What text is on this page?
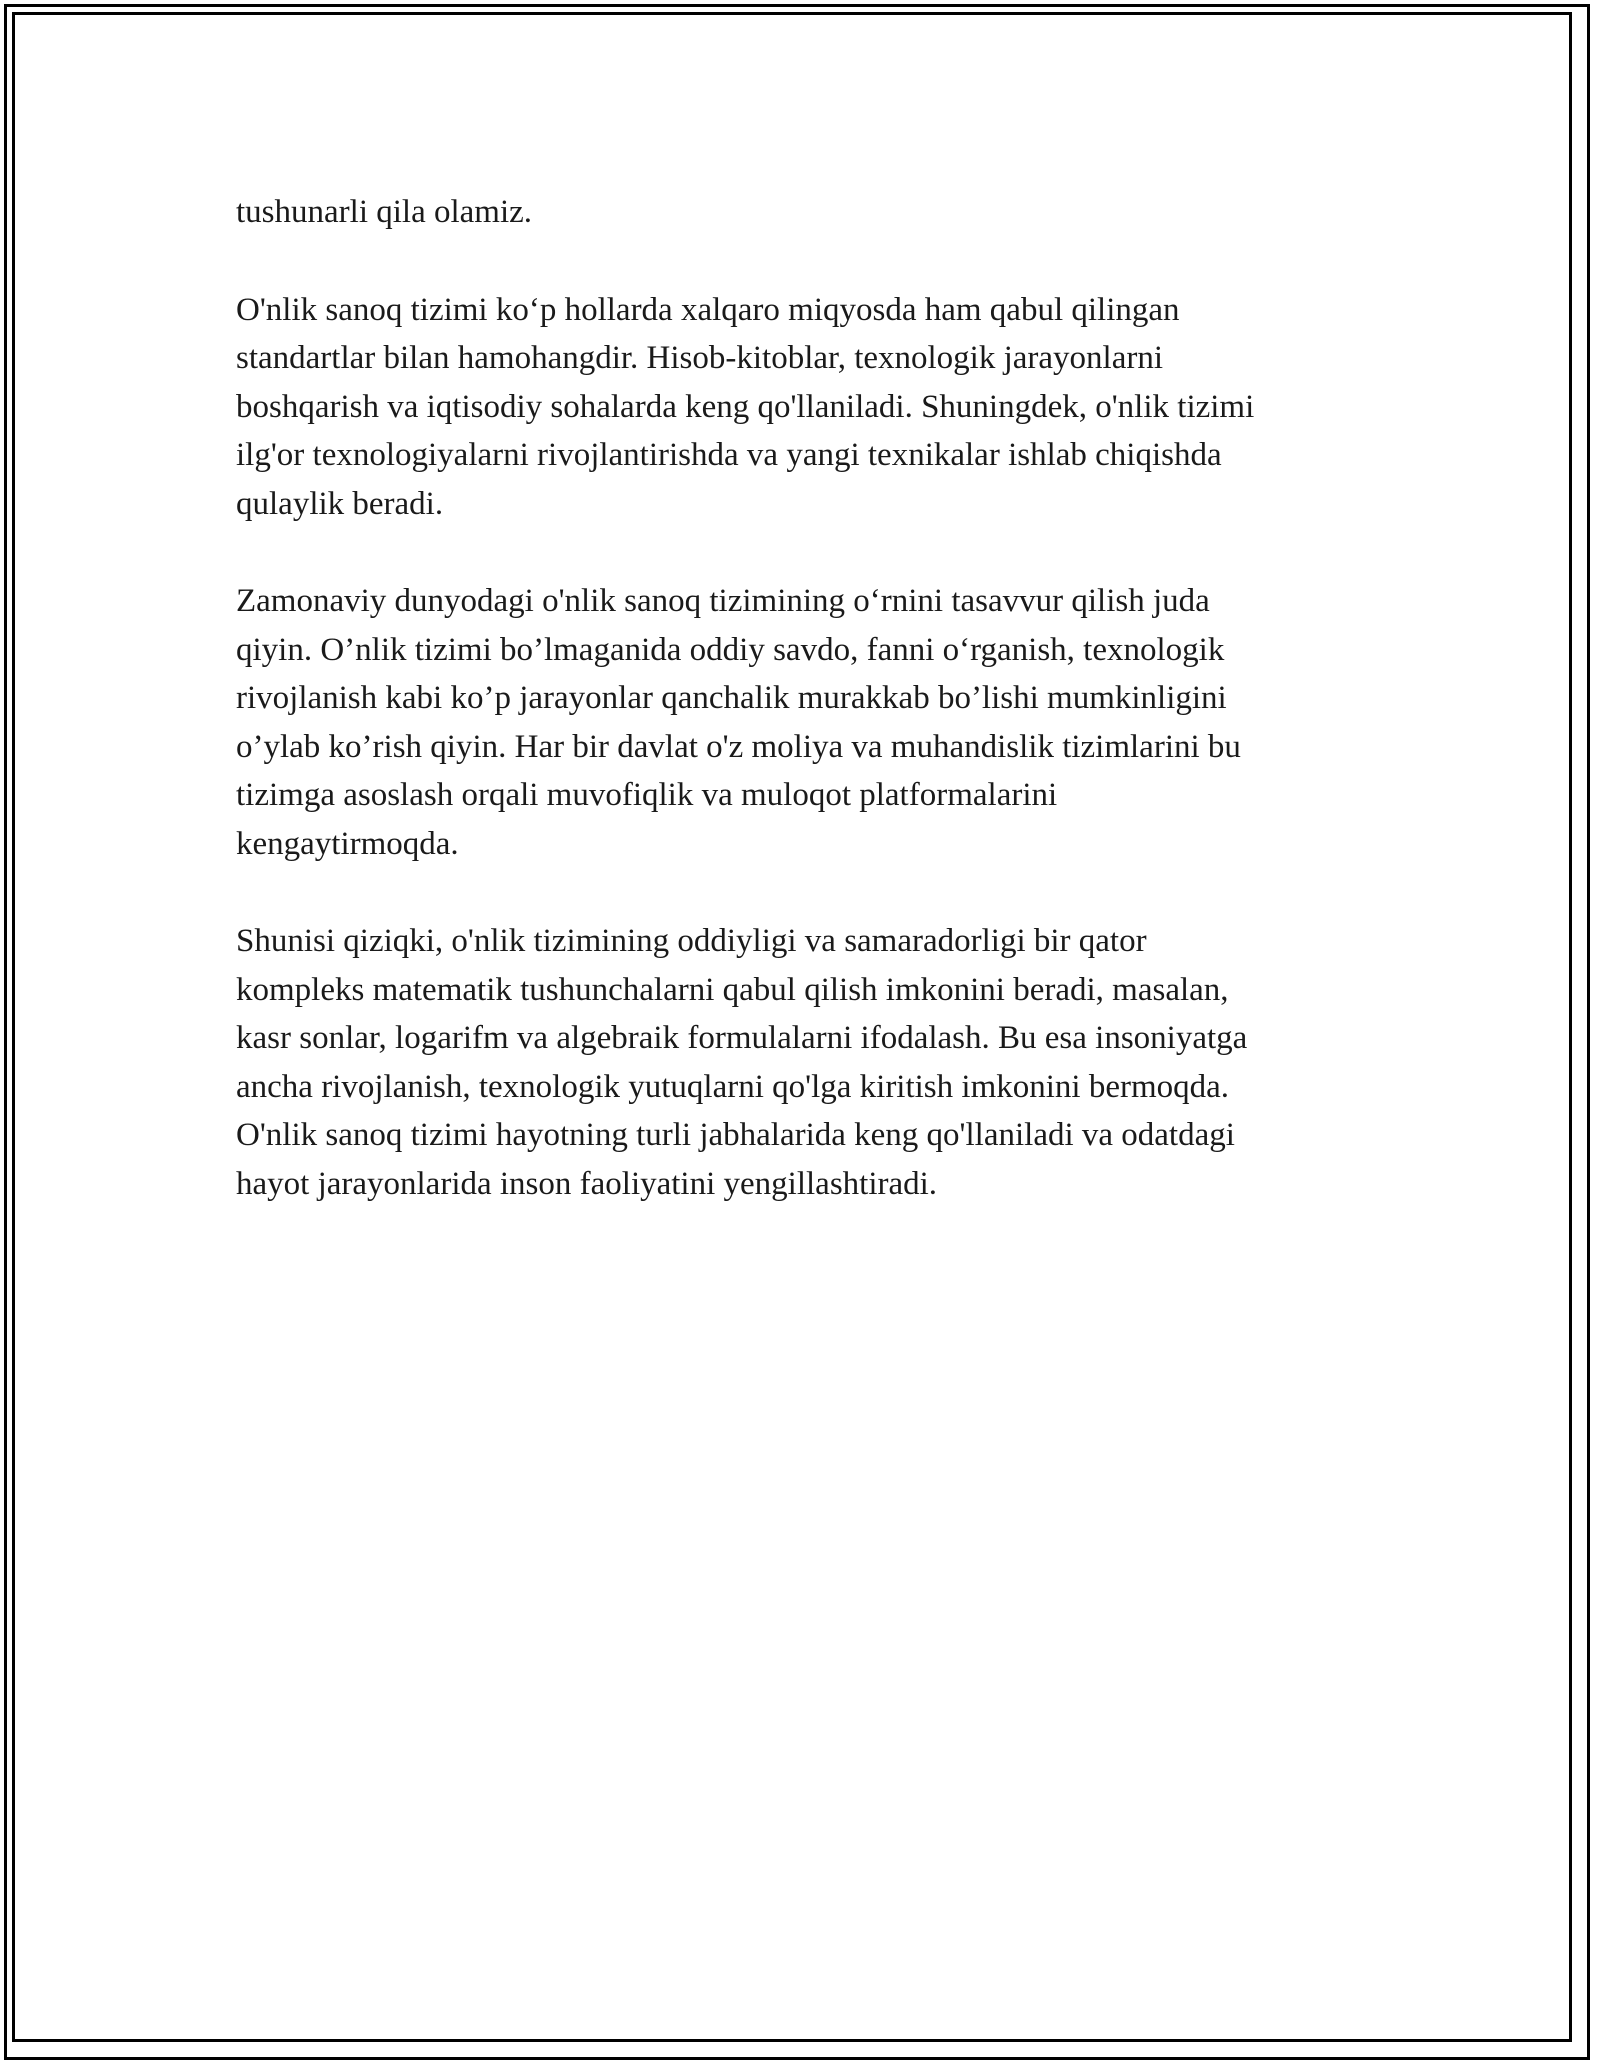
tushunarli qila olamiz.

O'nlik sanoq tizimi ko‘p hollarda xalqaro miqyosda ham qabul qilingan
standartlar bilan hamohangdir. Hisob-kitoblar, texnologik jarayonlarni
boshqarish va iqtisodiy sohalarda keng qo'llaniladi. Shuningdek, o'nlik tizimi
ilg'or texnologiyalarni rivojlantirishda va yangi texnikalar ishlab chiqishda
qulaylik beradi.

Zamonaviy dunyodagi o'nlik sanoq tizimining o‘rnini tasavvur qilish juda
qiyin. O’nlik tizimi bo’lmaganida oddiy savdo, fanni o‘rganish, texnologik
rivojlanish kabi ko’p jarayonlar qanchalik murakkab bo’lishi mumkinligini
o’ylab ko’rish qiyin. Har bir davlat o'z moliya va muhandislik tizimlarini bu
tizimga asoslash orqali muvofiqlik va muloqot platformalarini
kengaytirmoqda.

Shunisi qiziqki, o'nlik tizimining oddiyligi va samaradorligi bir qator
kompleks matematik tushunchalarni qabul qilish imkonini beradi, masalan,
kasr sonlar, logarifm va algebraik formulalarni ifodalash. Bu esa insoniyatga
ancha rivojlanish, texnologik yutuqlarni qo'lga kiritish imkonini bermoqda.
O'nlik sanoq tizimi hayotning turli jabhalarida keng qo'llaniladi va odatdagi
hayot jarayonlarida inson faoliyatini yengillashtiradi.
